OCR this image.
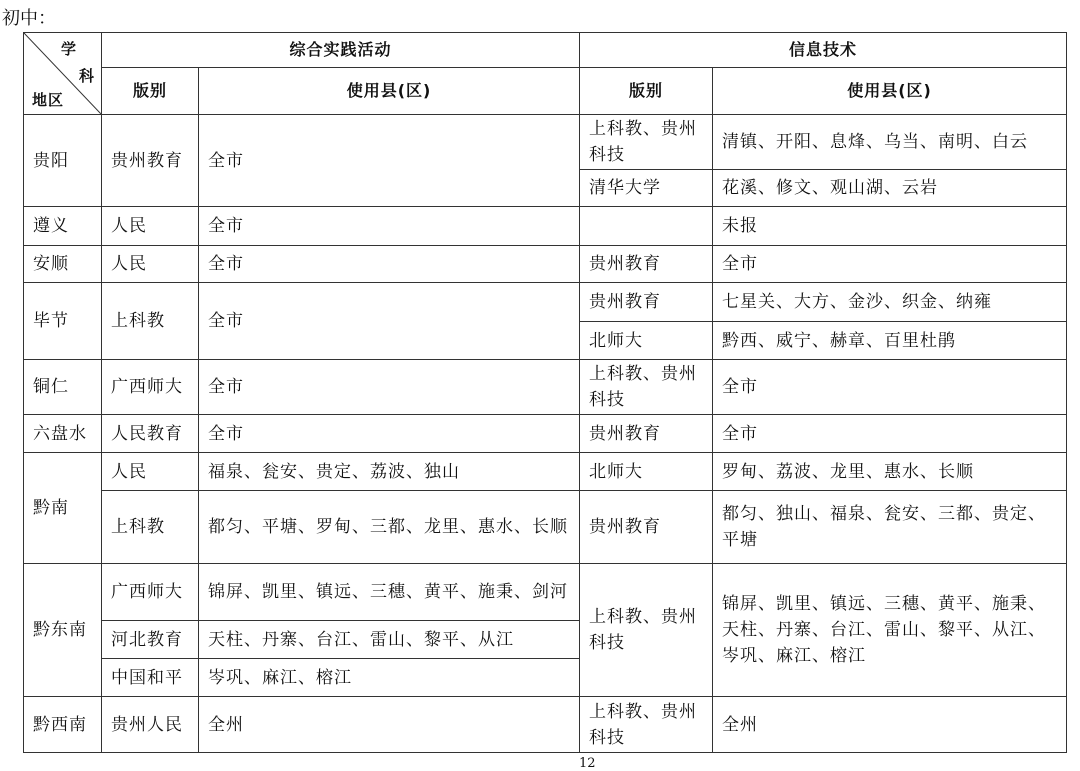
初中：
学
科
地区	综合实践活动		信息技术	
	版别	使用县(区)	版别	使用县(区)
贵阳	贵州教育	全市	上科教、贵州科技	清镇、开阳、息烽、乌当、南明、白云
			清华大学	花溪、修文、观山湖、云岩
遵义	人民	全市		未报
安顺	人民	全市	贵州教育	全市
毕节	上科教	全市	贵州教育	七星关、大方、金沙、织金、纳雍
			北师大	黔西、威宁、赫章、百里杜鹃
铜仁	广西师大	全市	上科教、贵州科技	全市
六盘水	人民教育	全市	贵州教育	全市
黔南	人民	福泉、瓮安、贵定、荔波、独山	北师大	罗甸、荔波、龙里、惠水、长顺
	上科教	都匀、平塘、罗甸、三都、龙里、惠水、长顺	贵州教育	都匀、独山、福泉、瓮安、三都、贵定、平塘
黔东南	广西师大	锦屏、凯里、镇远、三穗、黄平、施秉、剑河	上科教、贵州科技	锦屏、凯里、镇远、三穗、黄平、施秉、天柱、丹寨、台江、雷山、黎平、从江、岑巩、麻江、榕江
	河北教育	天柱、丹寨、台江、雷山、黎平、从江		
	中国和平	岑巩、麻江、榕江		
黔西南	贵州人民	全州	上科教、贵州科技	全州
12
